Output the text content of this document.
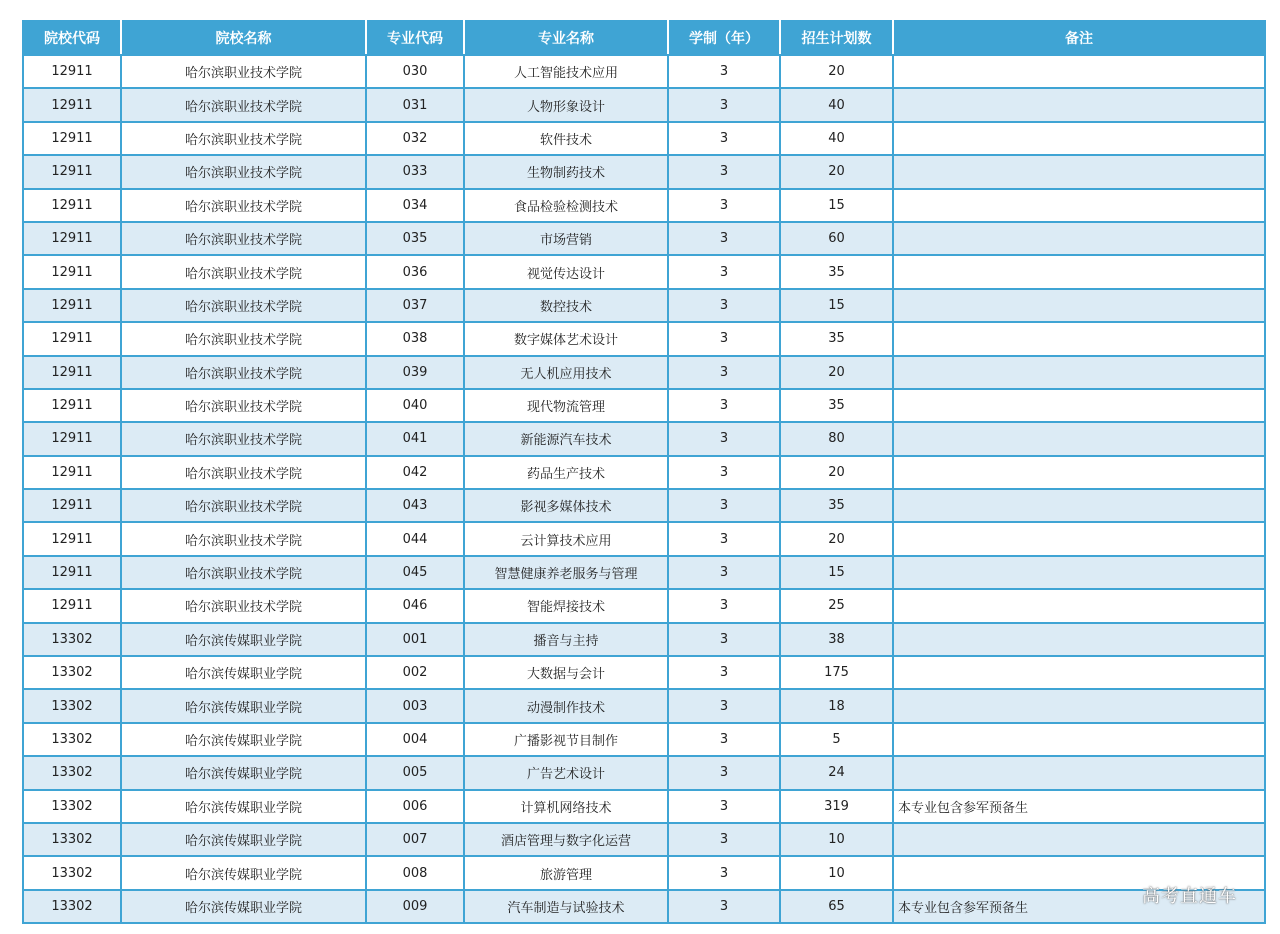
院校代码	院校名称	专业代码	专业名称	学制（年）	招生计划数	备注
12911	哈尔滨职业技术学院	030	人工智能技术应用	3	20	
12911	哈尔滨职业技术学院	031	人物形象设计	3	40	
12911	哈尔滨职业技术学院	032	软件技术	3	40	
12911	哈尔滨职业技术学院	033	生物制药技术	3	20	
12911	哈尔滨职业技术学院	034	食品检验检测技术	3	15	
12911	哈尔滨职业技术学院	035	市场营销	3	60	
12911	哈尔滨职业技术学院	036	视觉传达设计	3	35	
12911	哈尔滨职业技术学院	037	数控技术	3	15	
12911	哈尔滨职业技术学院	038	数字媒体艺术设计	3	35	
12911	哈尔滨职业技术学院	039	无人机应用技术	3	20	
12911	哈尔滨职业技术学院	040	现代物流管理	3	35	
12911	哈尔滨职业技术学院	041	新能源汽车技术	3	80	
12911	哈尔滨职业技术学院	042	药品生产技术	3	20	
12911	哈尔滨职业技术学院	043	影视多媒体技术	3	35	
12911	哈尔滨职业技术学院	044	云计算技术应用	3	20	
12911	哈尔滨职业技术学院	045	智慧健康养老服务与管理	3	15	
12911	哈尔滨职业技术学院	046	智能焊接技术	3	25	
13302	哈尔滨传媒职业学院	001	播音与主持	3	38	
13302	哈尔滨传媒职业学院	002	大数据与会计	3	175	
13302	哈尔滨传媒职业学院	003	动漫制作技术	3	18	
13302	哈尔滨传媒职业学院	004	广播影视节目制作	3	5	
13302	哈尔滨传媒职业学院	005	广告艺术设计	3	24	
13302	哈尔滨传媒职业学院	006	计算机网络技术	3	319	本专业包含参军预备生
13302	哈尔滨传媒职业学院	007	酒店管理与数字化运营	3	10	
13302	哈尔滨传媒职业学院	008	旅游管理	3	10	
13302	哈尔滨传媒职业学院	009	汽车制造与试验技术	3	65	本专业包含参军预备生
高考直通车
